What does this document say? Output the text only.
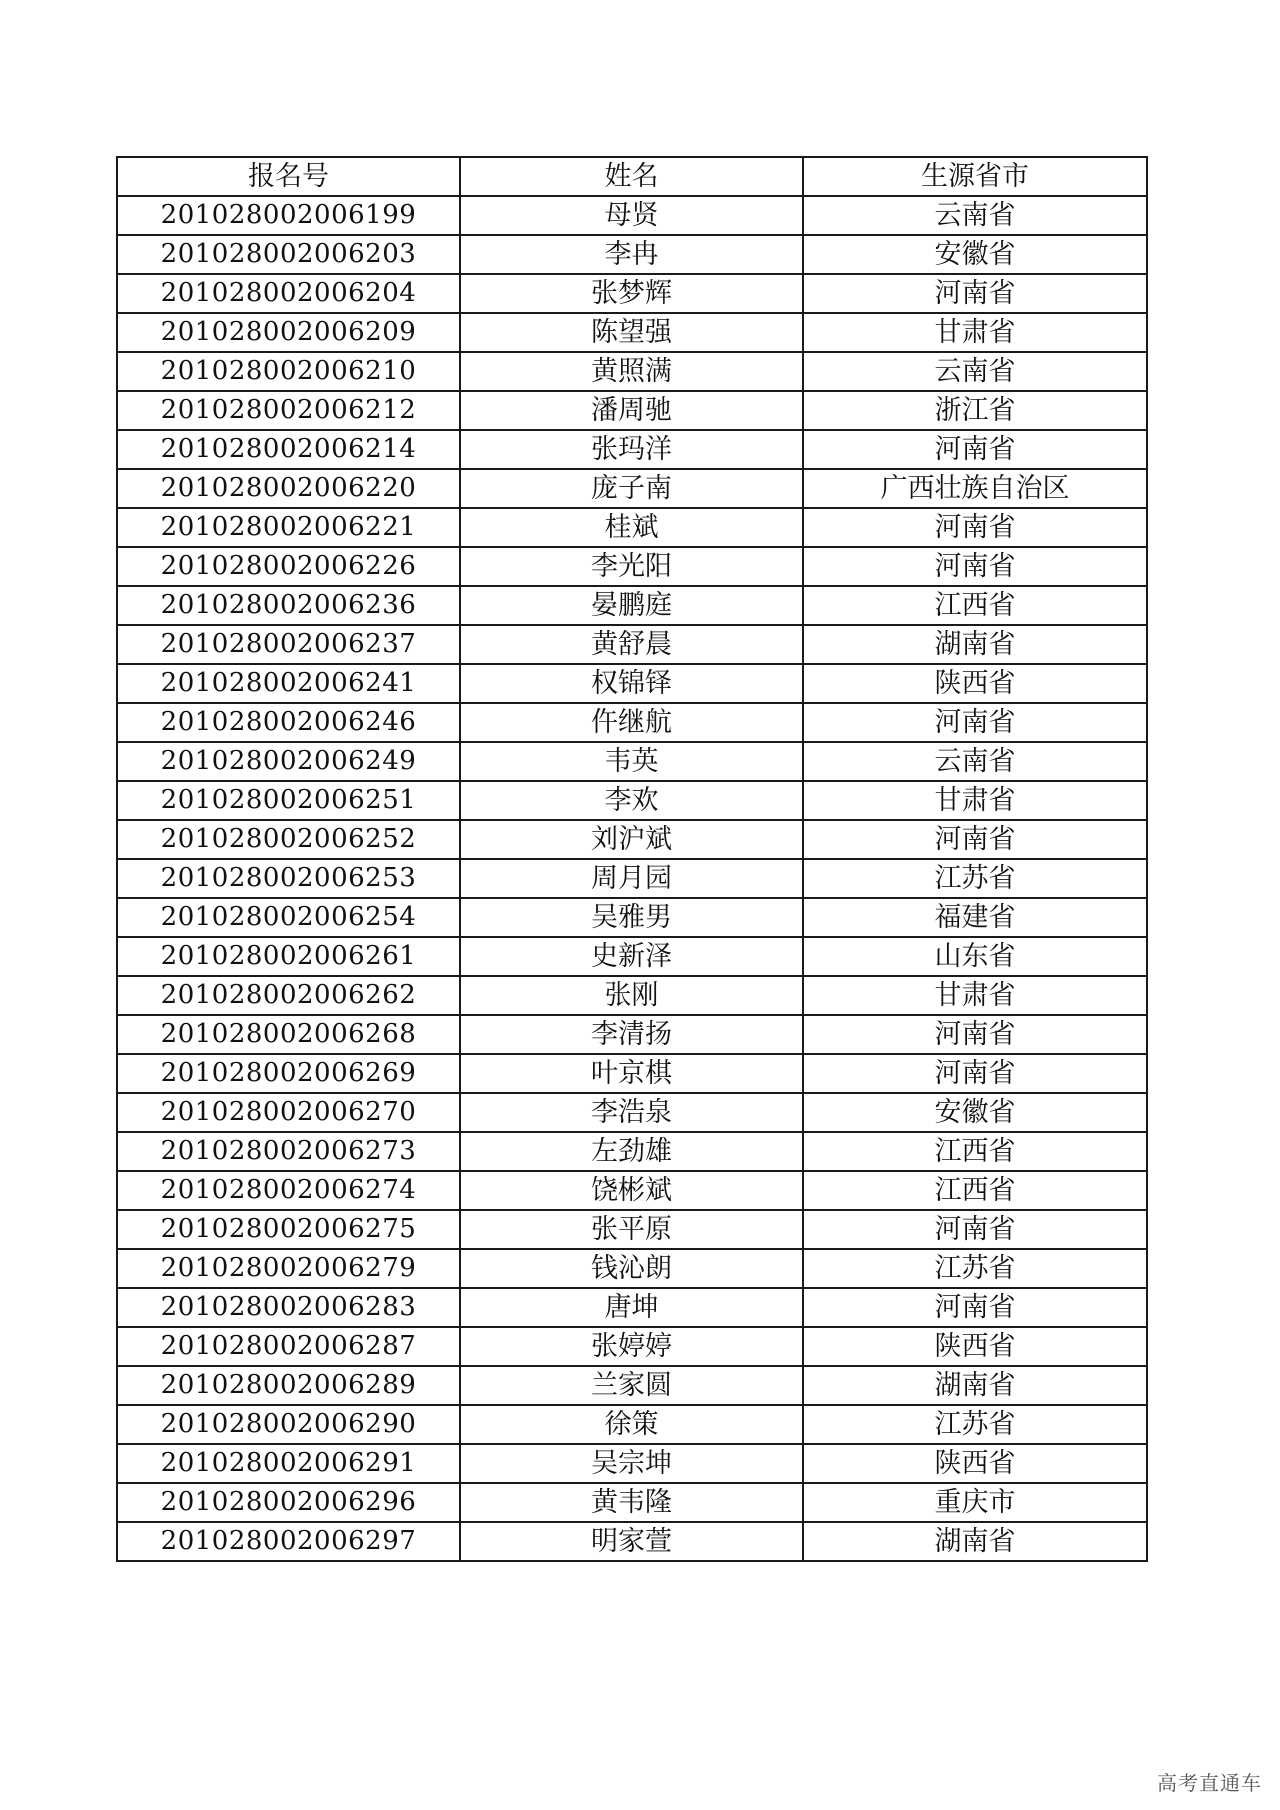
报名号	姓名	生源省市
201028002006199	母贤	云南省
201028002006203	李冉	安徽省
201028002006204	张梦辉	河南省
201028002006209	陈望强	甘肃省
201028002006210	黄照满	云南省
201028002006212	潘周驰	浙江省
201028002006214	张玛洋	河南省
201028002006220	庞子南	广西壮族自治区
201028002006221	桂斌	河南省
201028002006226	李光阳	河南省
201028002006236	晏鹏庭	江西省
201028002006237	黄舒晨	湖南省
201028002006241	权锦铎	陕西省
201028002006246	仵继航	河南省
201028002006249	韦英	云南省
201028002006251	李欢	甘肃省
201028002006252	刘沪斌	河南省
201028002006253	周月园	江苏省
201028002006254	吴雅男	福建省
201028002006261	史新泽	山东省
201028002006262	张刚	甘肃省
201028002006268	李清扬	河南省
201028002006269	叶京棋	河南省
201028002006270	李浩泉	安徽省
201028002006273	左劲雄	江西省
201028002006274	饶彬斌	江西省
201028002006275	张平原	河南省
201028002006279	钱沁朗	江苏省
201028002006283	唐坤	河南省
201028002006287	张婷婷	陕西省
201028002006289	兰家圆	湖南省
201028002006290	徐策	江苏省
201028002006291	吴宗坤	陕西省
201028002006296	黄韦隆	重庆市
201028002006297	明家萱	湖南省
高考直通车
